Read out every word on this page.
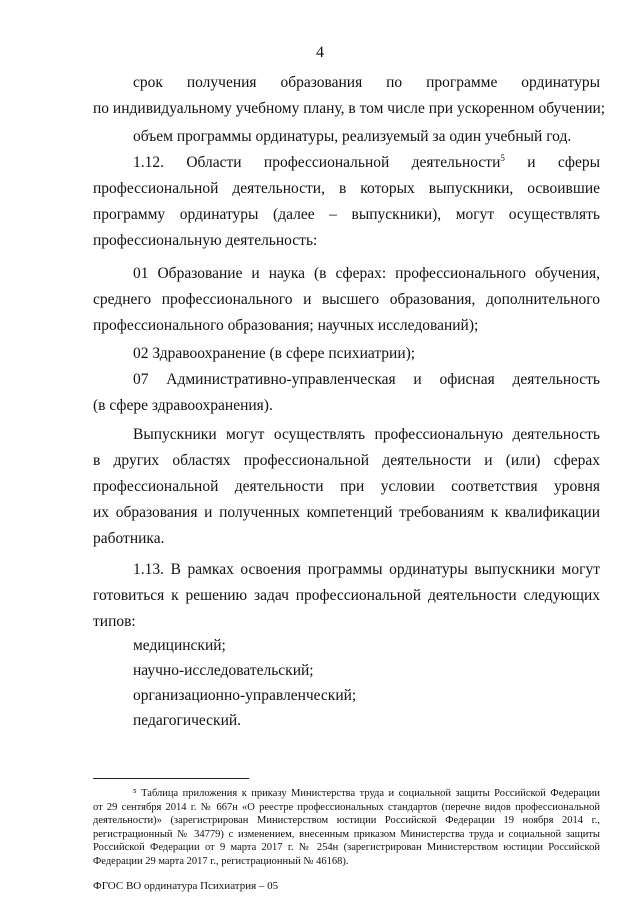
4
срок получения образования по программе ординатуры
по индивидуальному учебному плану, в том числе при ускоренном обучении;
объем программы ординатуры, реализуемый за один учебный год.
1.12. Области профессиональной деятельности$^5$ и сферы
профессиональной деятельности, в которых выпускники, освоившие
программу ординатуры (далее – выпускники), могут осуществлять
профессиональную деятельность:
01 Образование и наука (в сферах: профессионального обучения,
среднего профессионального и высшего образования, дополнительного
профессионального образования; научных исследований);
02 Здравоохранение (в сфере психиатрии);
07 Административно-управленческая и офисная деятельность
(в сфере здравоохранения).
Выпускники могут осуществлять профессиональную деятельность
в других областях профессиональной деятельности и (или) сферах
профессиональной деятельности при условии соответствия уровня
их образования и полученных компетенций требованиям к квалификации
работника.
1.13. В рамках освоения программы ординатуры выпускники могут
готовиться к решению задач профессиональной деятельности следующих
типов:
медицинский;
научно-исследовательский;
организационно-управленческий;
педагогический.
⁵ Таблица приложения к приказу Министерства труда и социальной защиты Российской Федерации
от 29 сентября 2014 г. № 667н «О реестре профессиональных стандартов (перечне видов профессиональной
деятельности)» (зарегистрирован Министерством юстиции Российской Федерации 19 ноября 2014 г.,
регистрационный № 34779) с изменением, внесенным приказом Министерства труда и социальной защиты
Российской Федерации от 9 марта 2017 г. № 254н (зарегистрирован Министерством юстиции Российской
Федерации 29 марта 2017 г., регистрационный № 46168).
ФГОС ВО ординатура Психиатрия – 05
